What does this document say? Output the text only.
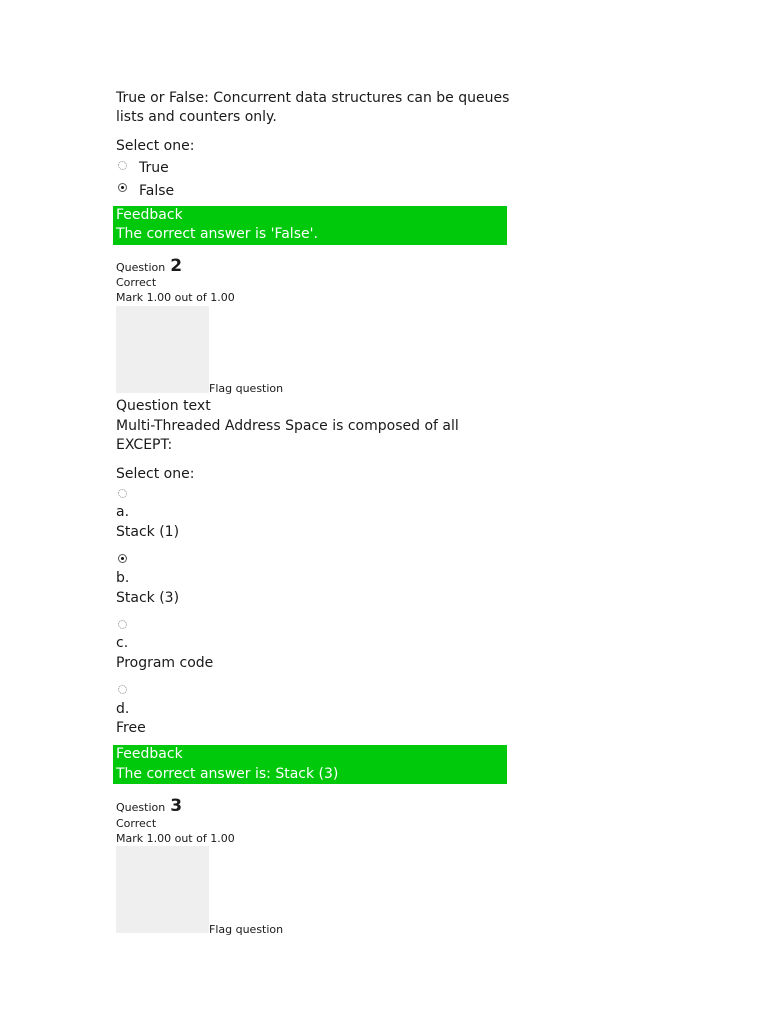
True or False: Concurrent data structures can be queues
lists and counters only.
Select one:
True
False
Feedback
The correct answer is 'False'.
Question 2
Correct
Mark 1.00 out of 1.00
Flag question
Question text
Multi-Threaded Address Space is composed of all
EXCEPT:
Select one:
a.
Stack (1)
b.
Stack (3)
c.
Program code
d.
Free
Feedback
The correct answer is: Stack (3)
Question 3
Correct
Mark 1.00 out of 1.00
Flag question
